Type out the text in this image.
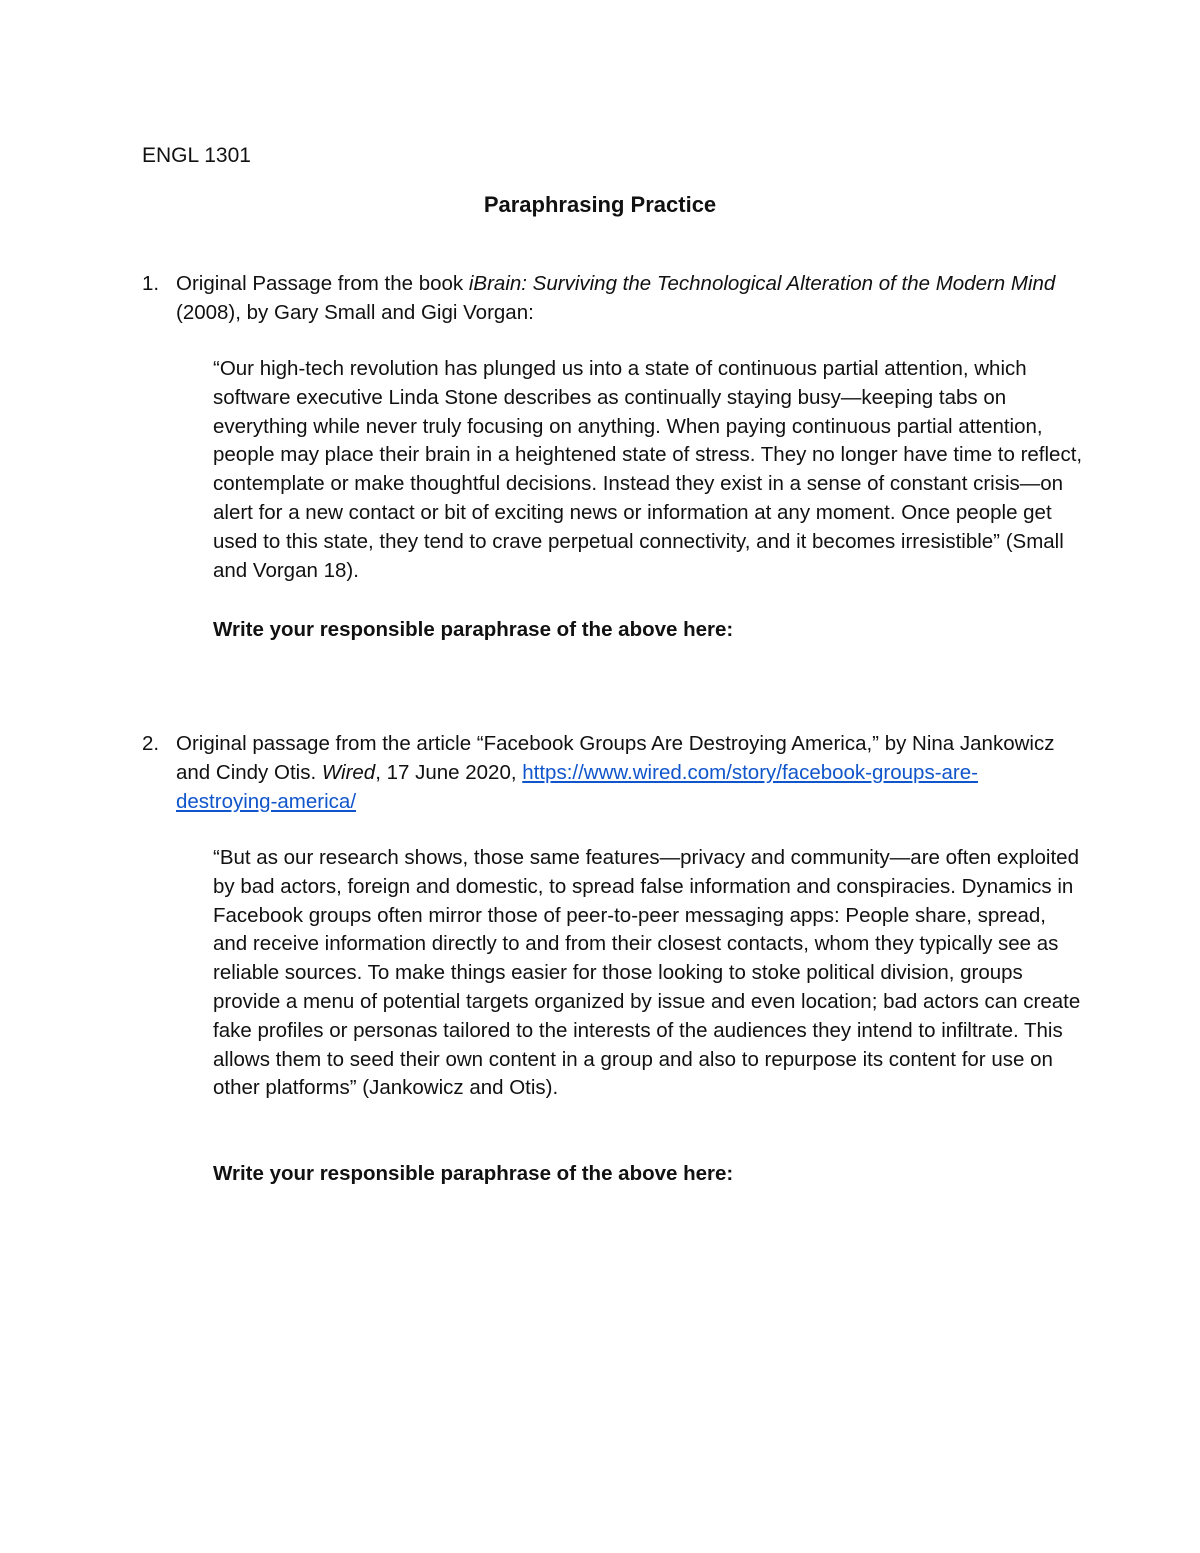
ENGL 1301
Paraphrasing Practice
1. Original Passage from the book iBrain: Surviving the Technological Alteration of the Modern Mind (2008), by Gary Small and Gigi Vorgan:
“Our high-tech revolution has plunged us into a state of continuous partial attention, which software executive Linda Stone describes as continually staying busy—keeping tabs on everything while never truly focusing on anything. When paying continuous partial attention, people may place their brain in a heightened state of stress. They no longer have time to reflect, contemplate or make thoughtful decisions. Instead they exist in a sense of constant crisis—on alert for a new contact or bit of exciting news or information at any moment. Once people get used to this state, they tend to crave perpetual connectivity, and it becomes irresistible” (Small and Vorgan 18).
Write your responsible paraphrase of the above here:
2. Original passage from the article “Facebook Groups Are Destroying America,” by Nina Jankowicz and Cindy Otis. Wired, 17 June 2020, https://www.wired.com/story/facebook-groups-are-destroying-america/
“But as our research shows, those same features—privacy and community—are often exploited by bad actors, foreign and domestic, to spread false information and conspiracies. Dynamics in Facebook groups often mirror those of peer-to-peer messaging apps: People share, spread, and receive information directly to and from their closest contacts, whom they typically see as reliable sources. To make things easier for those looking to stoke political division, groups provide a menu of potential targets organized by issue and even location; bad actors can create fake profiles or personas tailored to the interests of the audiences they intend to infiltrate. This allows them to seed their own content in a group and also to repurpose its content for use on other platforms” (Jankowicz and Otis).
Write your responsible paraphrase of the above here:
